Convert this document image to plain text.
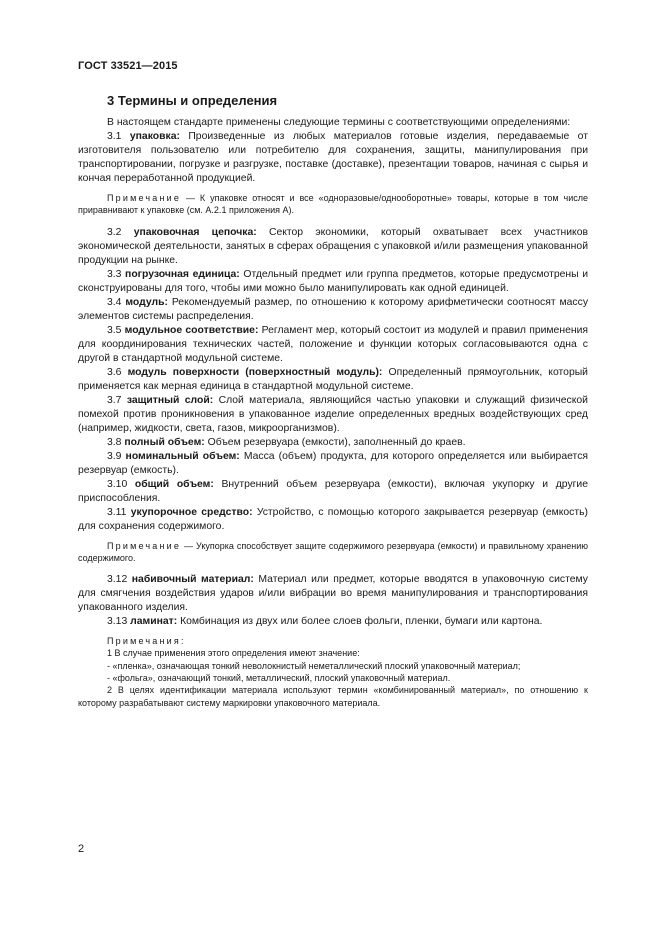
ГОСТ 33521—2015
3 Термины и определения

В настоящем стандарте применены следующие термины с соответствующими определениями:

3.1 упаковка: Произведенные из любых материалов готовые изделия, передаваемые от изготовителя пользователю или потребителю для сохранения, защиты, манипулирования при транспортировании, погрузке и разгрузке, поставке (доставке), презентации товаров, начиная с сырья и кончая переработанной продукцией.

Примечание — К упаковке относят и все «одноразовые/однооборотные» товары, которые в том числе приравнивают к упаковке (см. А.2.1 приложения А).

3.2 упаковочная цепочка: Сектор экономики, который охватывает всех участников экономической деятельности, занятых в сферах обращения с упаковкой и/или размещения упакованной продукции на рынке.

3.3 погрузочная единица: Отдельный предмет или группа предметов, которые предусмотрены и сконструированы для того, чтобы ими можно было манипулировать как одной единицей.

3.4 модуль: Рекомендуемый размер, по отношению к которому арифметически соотносят массу элементов системы распределения.

3.5 модульное соответствие: Регламент мер, который состоит из модулей и правил применения для координирования технических частей, положение и функции которых согласовываются одна с другой в стандартной модульной системе.

3.6 модуль поверхности (поверхностный модуль): Определенный прямоугольник, который применяется как мерная единица в стандартной модульной системе.

3.7 защитный слой: Слой материала, являющийся частью упаковки и служащий физической помехой против проникновения в упакованное изделие определенных вредных воздействующих сред (например, жидкости, света, газов, микроорганизмов).

3.8 полный объем: Объем резервуара (емкости), заполненный до краев.

3.9 номинальный объем: Масса (объем) продукта, для которого определяется или выбирается резервуар (емкость).

3.10 общий объем: Внутренний объем резервуара (емкости), включая укупорку и другие приспособления.

3.11 укупорочное средство: Устройство, с помощью которого закрывается резервуар (емкость) для сохранения содержимого.

Примечание — Укупорка способствует защите содержимого резервуара (емкости) и правильному хранению содержимого.

3.12 набивочный материал: Материал или предмет, которые вводятся в упаковочную систему для смягчения воздействия ударов и/или вибрации во время манипулирования и транспортирования упакованного изделия.

3.13 ламинат: Комбинация из двух или более слоев фольги, пленки, бумаги или картона.

Примечания:

1 В случае применения этого определения имеют значение:

- «пленка», означающая тонкий неволокнистый неметаллический плоский упаковочный материал;

- «фольга», означающий тонкий, металлический, плоский упаковочный материал.

2 В целях идентификации материала используют термин «комбинированный материал», по отношению к которому разрабатывают систему маркировки упаковочного материала.

2
